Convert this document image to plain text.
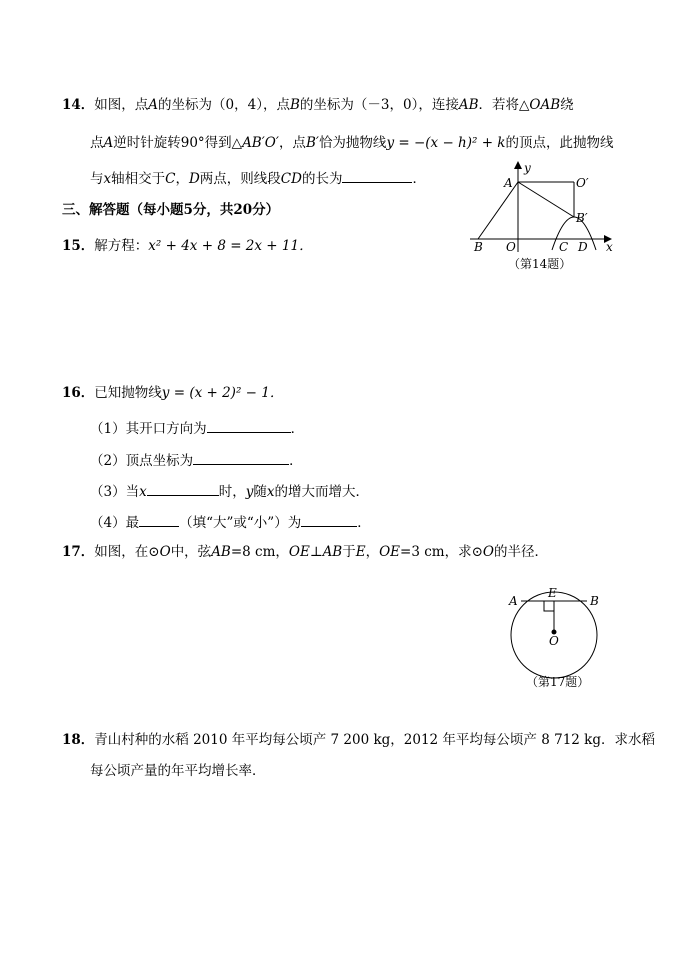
14．如图，点A的坐标为（0，4），点B的坐标为（－3，0），连接AB．若将△OAB绕
点A逆时针旋转90°得到△AB′O′，点B′恰为抛物线y = −(x − h)² + k的顶点，此抛物线
与x轴相交于C，D两点，则线段CD的长为	．
三、解答题（每小题5分，共20分）
15．解方程：x² + 4x + 8 = 2x + 11．
16．已知抛物线y = (x + 2)² − 1．
（1）其开口方向为	．
（2）顶点坐标为	．
（3）当x	时，y随x的增大而增大．
（4）最	（填“大”或“小”）为	．
17．如图，在⊙O中，弦AB=8 cm，OE⊥AB于E，OE=3 cm，求⊙O的半径．
18．青山村种的水稻 2010 年平均每公顷产 7 200 kg，2012 年平均每公顷产 8 712 kg．求水稻
每公顷产量的年平均增长率．
y
A	O′
B′
B O	C D x
（第14题）
A
E
B
O
（第17题）
